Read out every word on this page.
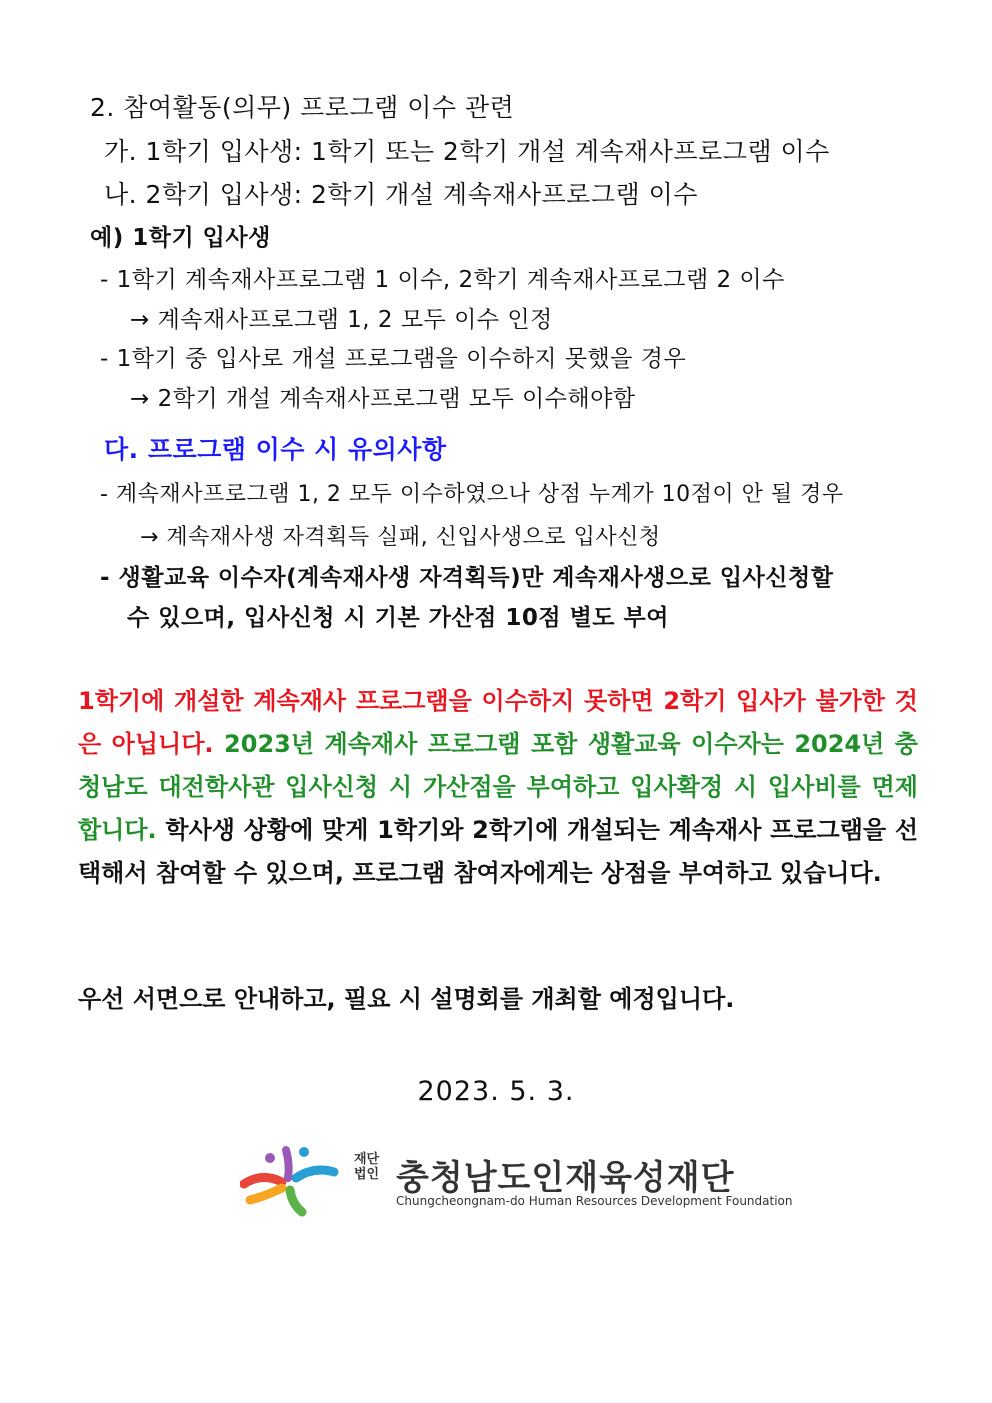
2. 참여활동(의무) 프로그램 이수 관련
가. 1학기 입사생: 1학기 또는 2학기 개설 계속재사프로그램 이수
나. 2학기 입사생: 2학기 개설 계속재사프로그램 이수
예) 1학기 입사생
- 1학기 계속재사프로그램 1 이수, 2학기 계속재사프로그램 2 이수
→ 계속재사프로그램 1, 2 모두 이수 인정
- 1학기 중 입사로 개설 프로그램을 이수하지 못했을 경우
→ 2학기 개설 계속재사프로그램 모두 이수해야함
다. 프로그램 이수 시 유의사항
- 계속재사프로그램 1, 2 모두 이수하였으나 상점 누계가 10점이 안 될 경우
→ 계속재사생 자격획득 실패, 신입사생으로 입사신청
- 생활교육 이수자(계속재사생 자격획득)만 계속재사생으로 입사신청할
수 있으며, 입사신청 시 기본 가산점 10점 별도 부여
1학기에 개설한 계속재사 프로그램을 이수하지 못하면 2학기 입사가 불가한 것은 아닙니다. 2023년 계속재사 프로그램 포함 생활교육 이수자는 2024년 충청남도 대전학사관 입사신청 시 가산점을 부여하고 입사확정 시 입사비를 면제합니다. 학사생 상황에 맞게 1학기와 2학기에 개설되는 계속재사 프로그램을 선택해서 참여할 수 있으며, 프로그램 참여자에게는 상점을 부여하고 있습니다.
우선 서면으로 안내하고, 필요 시 설명회를 개최할 예정입니다.
2023. 5. 3.
재단 법인 충청남도인재육성재단
Chungcheongnam-do Human Resources Development Foundation
